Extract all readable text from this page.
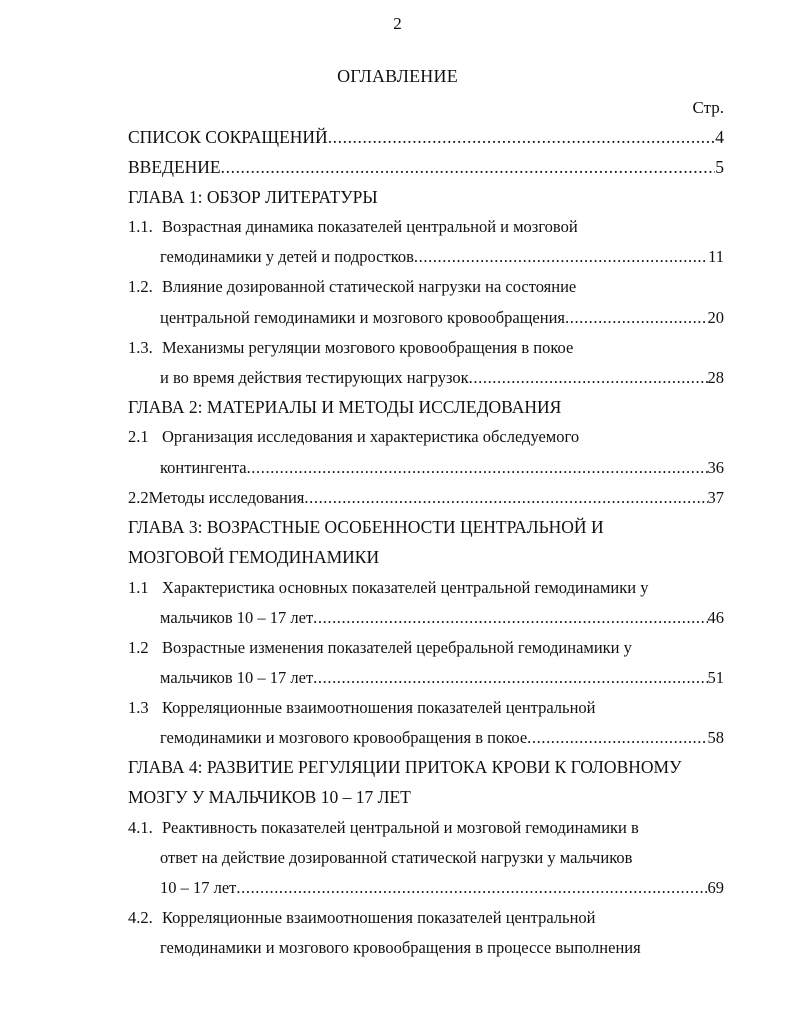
2
ОГЛАВЛЕНИЕ
Стр.
СПИСОК СОКРАЩЕНИЙ .....	4
ВВЕДЕНИЕ .....	5
ГЛАВА 1: ОБЗОР ЛИТЕРАТУРЫ
1.1. Возрастная динамика показателей центральной и мозговой
гемодинамики у детей и подростков .....	11
1.2. Влияние дозированной статической нагрузки на состояние
центральной гемодинамики и мозгового кровообращения .....	20
1.3. Механизмы регуляции мозгового кровообращения в покое
и во время действия тестирующих нагрузок .....	28
ГЛАВА 2: МАТЕРИАЛЫ И МЕТОДЫ ИССЛЕДОВАНИЯ
2.1 Организация исследования и характеристика обследуемого
контингента .....	36
2.2 Методы исследования .....	37
ГЛАВА 3: ВОЗРАСТНЫЕ ОСОБЕННОСТИ ЦЕНТРАЛЬНОЙ И
МОЗГОВОЙ ГЕМОДИНАМИКИ
1.1 Характеристика основных показателей центральной гемодинамики у
мальчиков 10 – 17 лет .....	46
1.2 Возрастные изменения показателей церебральной гемодинамики у
мальчиков 10 – 17 лет .....	51
1.3 Корреляционные взаимоотношения показателей центральной
гемодинамики и мозгового кровообращения в покое .....	58
ГЛАВА 4: РАЗВИТИЕ РЕГУЛЯЦИИ ПРИТОКА КРОВИ К ГОЛОВНОМУ
МОЗГУ У МАЛЬЧИКОВ 10 – 17 ЛЕТ
4.1. Реактивность показателей центральной и мозговой гемодинамики в
ответ на действие дозированной статической нагрузки у мальчиков
10 – 17 лет .....	69
4.2. Корреляционные взаимоотношения показателей центральной
гемодинамики и мозгового кровообращения в процессе выполнения
